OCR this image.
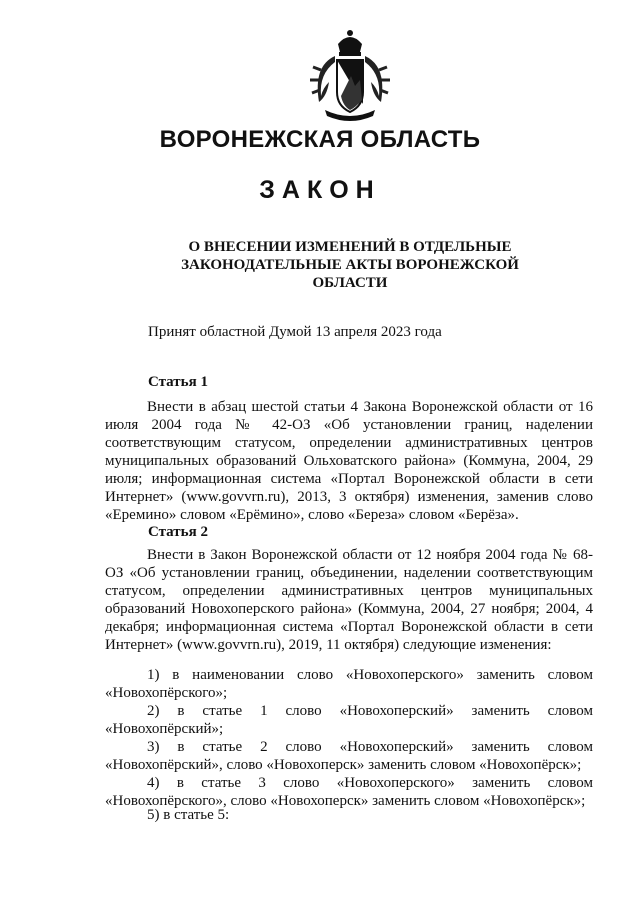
ВОРОНЕЖСКАЯ ОБЛАСТЬ
ЗАКОН
О ВНЕСЕНИИ ИЗМЕНЕНИЙ В ОТДЕЛЬНЫЕ ЗАКОНОДАТЕЛЬНЫЕ АКТЫ ВОРОНЕЖСКОЙ ОБЛАСТИ
Принят областной Думой 13 апреля 2023 года
Статья 1

Внести в абзац шестой статьи 4 Закона Воронежской области от 16 июля 2004 года № 42-ОЗ «Об установлении границ, наделении соответствующим статусом, определении административных центров муниципальных образований Ольховатского района» (Коммуна, 2004, 29 июля; информационная система «Портал Воронежской области в сети Интернет» (www.govvrn.ru), 2013, 3 октября) изменения, заменив слово «Еремино» словом «Ерёмино», слово «Береза» словом «Берёза».

Статья 2

Внести в Закон Воронежской области от 12 ноября 2004 года № 68-ОЗ «Об установлении границ, объединении, наделении соответствующим статусом, определении административных центров муниципальных образований Новохоперского района» (Коммуна, 2004, 27 ноября; 2004, 4 декабря; информационная система «Портал Воронежской области в сети Интернет» (www.govvrn.ru), 2019, 11 октября) следующие изменения:

1) в наименовании слово «Новохоперского» заменить словом «Новохопёрского»;

2) в статье 1 слово «Новохоперский» заменить словом «Новохопёрский»;

3) в статье 2 слово «Новохоперский» заменить словом «Новохопёрский», слово «Новохоперск» заменить словом «Новохопёрск»;

4) в статье 3 слово «Новохоперского» заменить словом «Новохопёрского», слово «Новохоперск» заменить словом «Новохопёрск»;

5) в статье 5:
